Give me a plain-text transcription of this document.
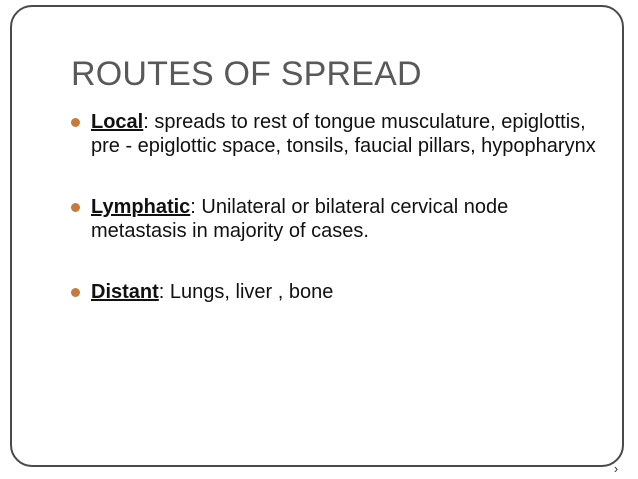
ROUTES OF SPREAD
Local: spreads to rest of tongue musculature, epiglottis, pre - epiglottic space, tonsils, faucial pillars, hypopharynx
Lymphatic: Unilateral or bilateral cervical node metastasis in majority of cases.
Distant: Lungs, liver , bone
›
